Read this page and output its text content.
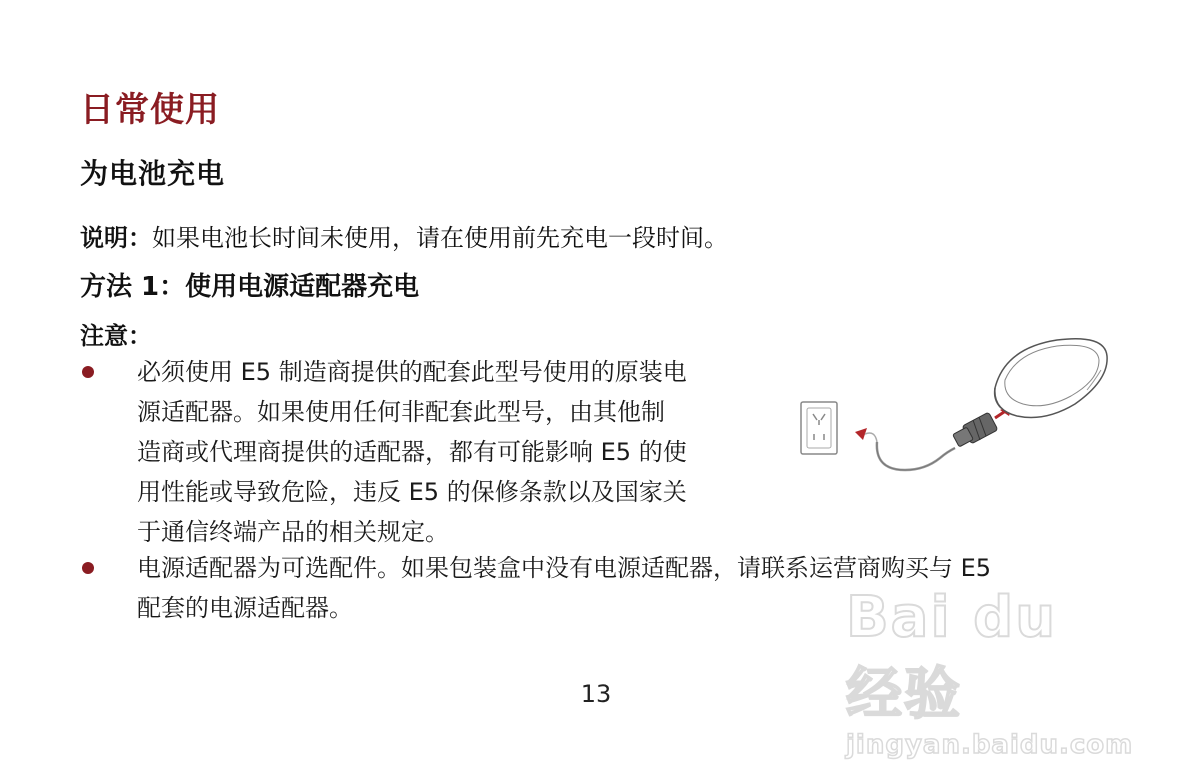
日常使用
为电池充电
说明：如果电池长时间未使用，请在使用前先充电一段时间。
方法 1：使用电源适配器充电
注意：
必须使用 E5 制造商提供的配套此型号使用的原装电
源适配器。如果使用任何非配套此型号，由其他制
造商或代理商提供的适配器，都有可能影响 E5 的使
用性能或导致危险，违反 E5 的保修条款以及国家关
于通信终端产品的相关规定。
电源适配器为可选配件。如果包装盒中没有电源适配器，请联系运营商购买与 E5
配套的电源适配器。
13
Bai du 经验
jingyan.baidu.com
